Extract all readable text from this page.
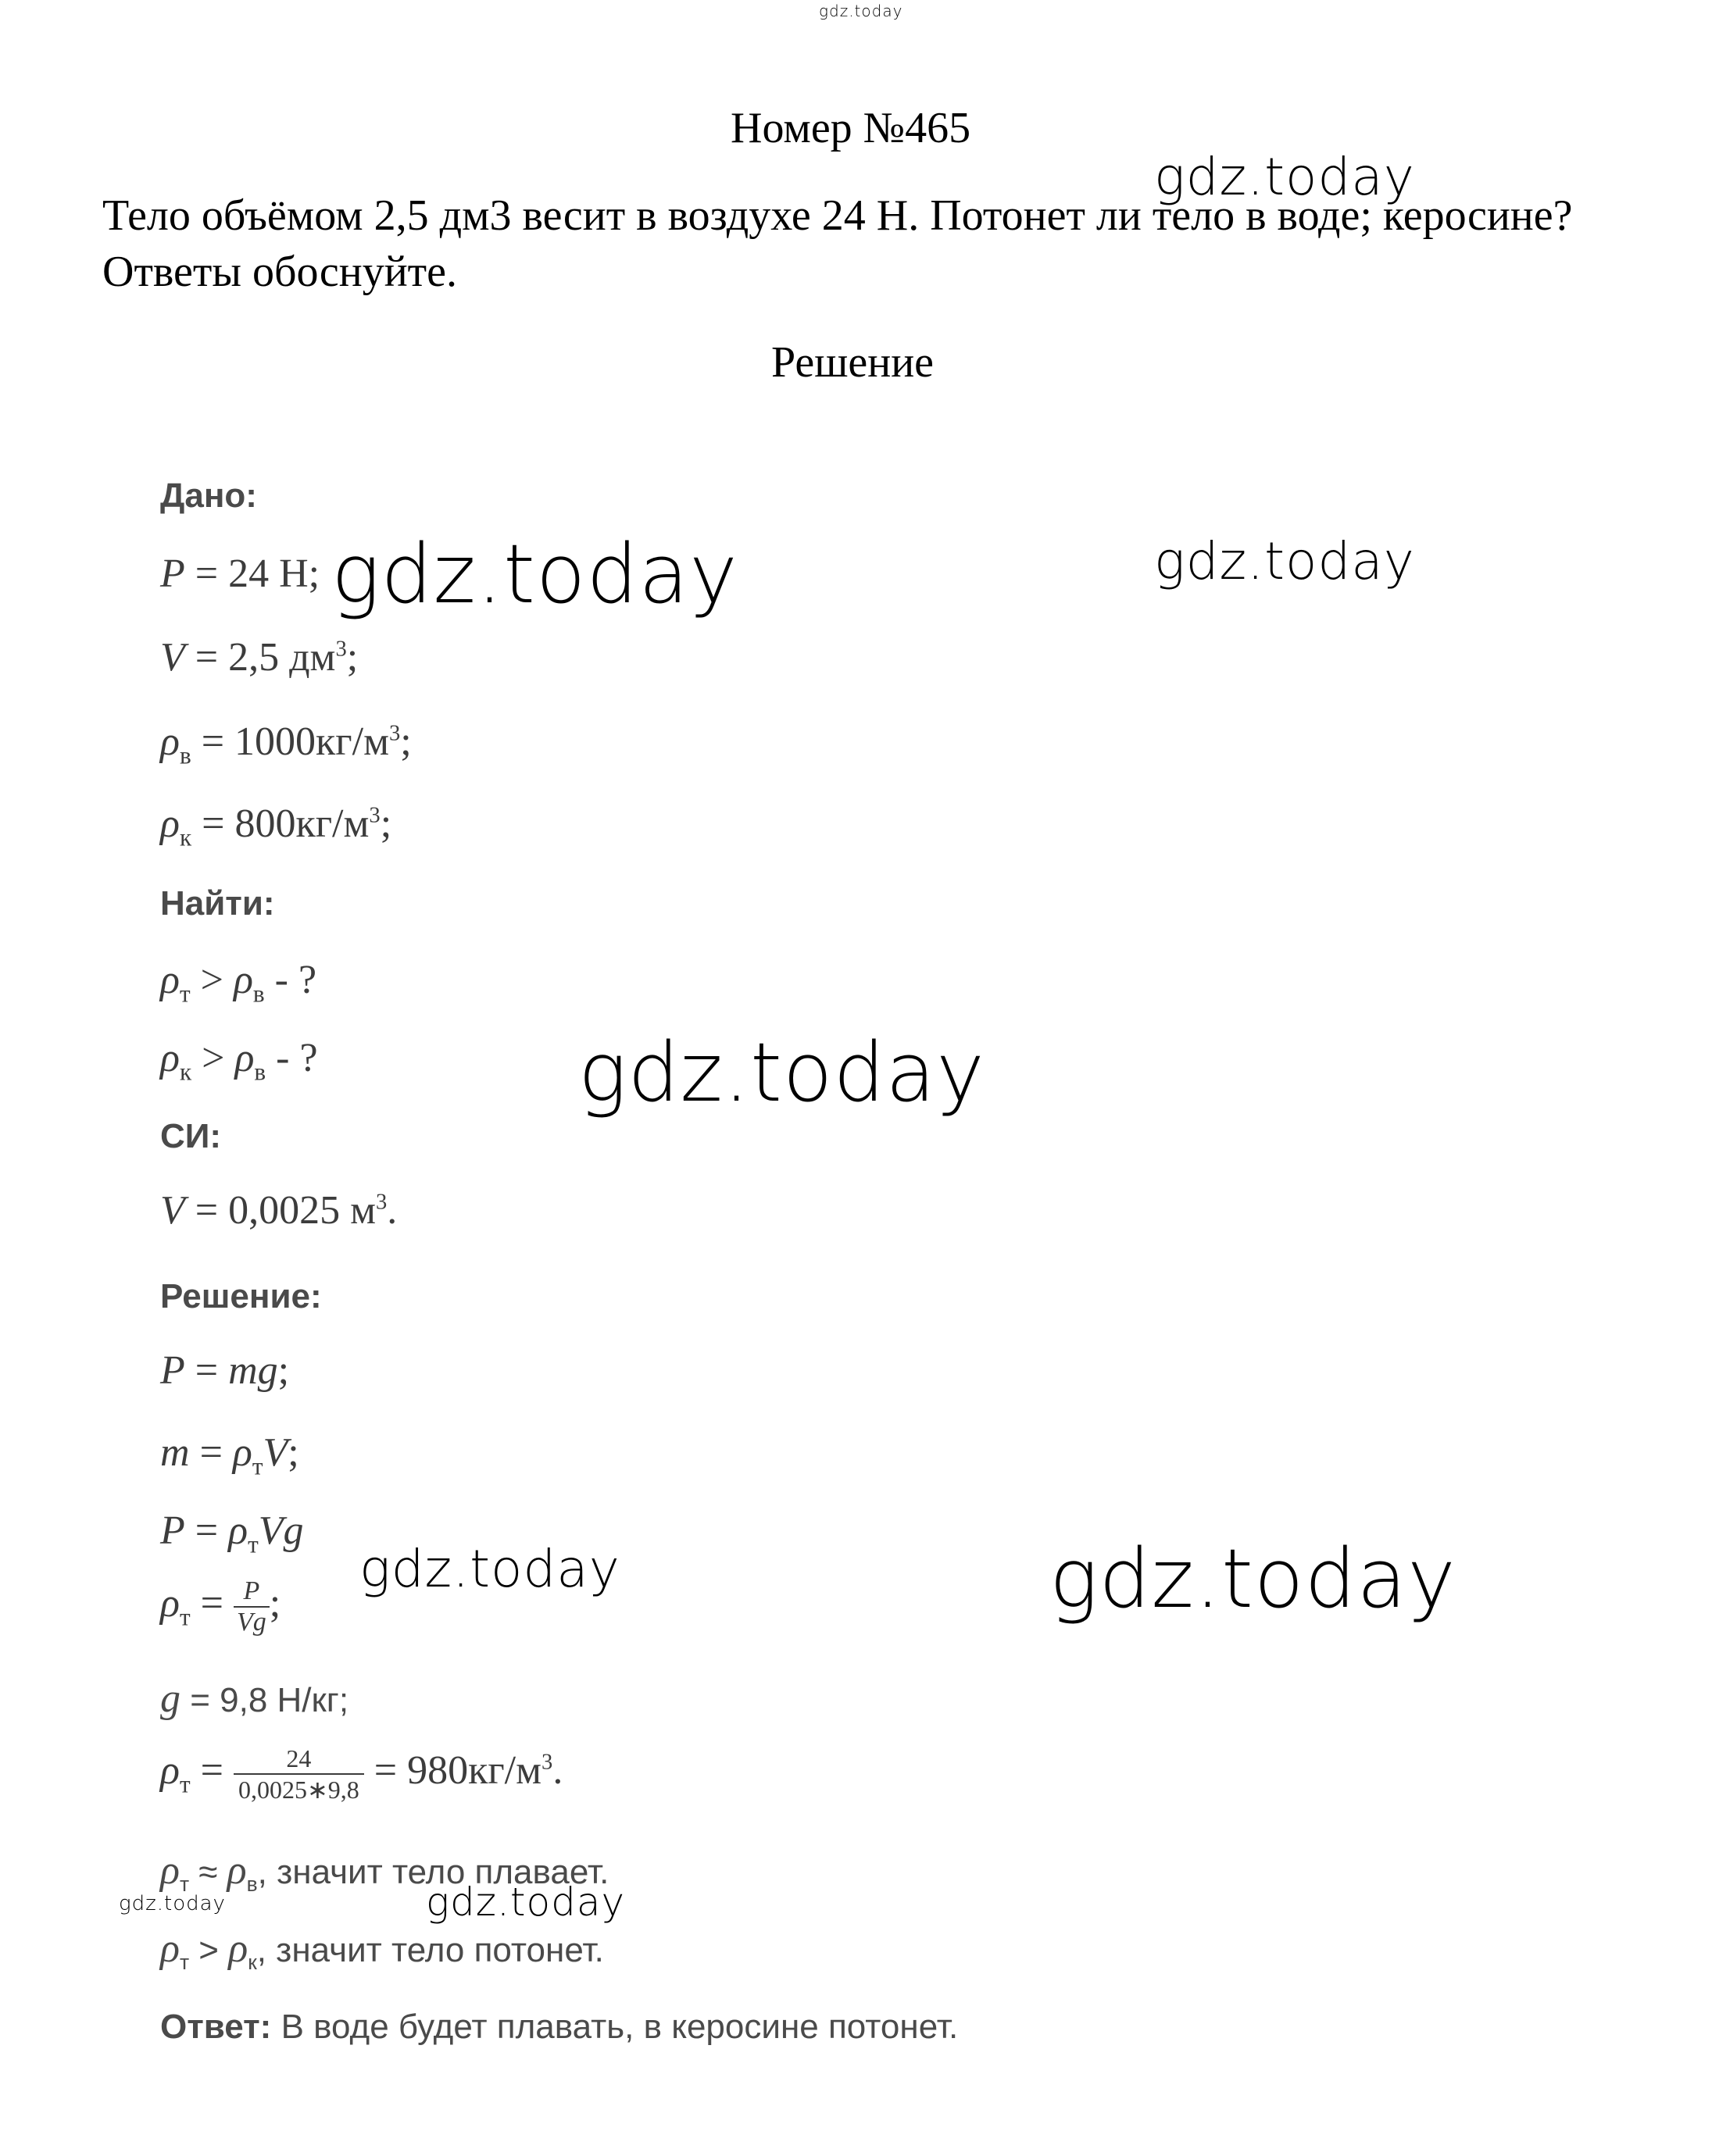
gdz.today
gdz.today
gdz.today	gdz.today
gdz.today
gdz.today	gdz.today
gdz.today	gdz.today
Номер №465
Тело объёмом 2,5 дм3 весит в воздухе 24 Н. Потонет ли тело в воде; керосине? Ответы обоснуйте.
Решение
Дано:
P = 24 Н;
V = 2,5 $дм^3$;
$\rho_в = 1000кг/м^3$;
$\rho_к = 800кг/м^3$;
Найти:
$\rho_т > \rho_в$ - ?
$\rho_к > \rho_в$ - ?
СИ:
V = 0,0025 $м^3$.
Решение:
P = mg;
$m = \rho_тV$;
$P = \rho_тVg$
$\rho_т = \frac{P}{Vg}$ ;
g = 9,8 Н/кг;
$\rho_т = \frac{24}{0,0025∗9,8} = 980кг/м^3$.
$\rho_т \approx \rho_в$, значит тело плавает.
$\rho_т > \rho_к$, значит тело потонет.
Ответ: В воде будет плавать, в керосине потонет.
